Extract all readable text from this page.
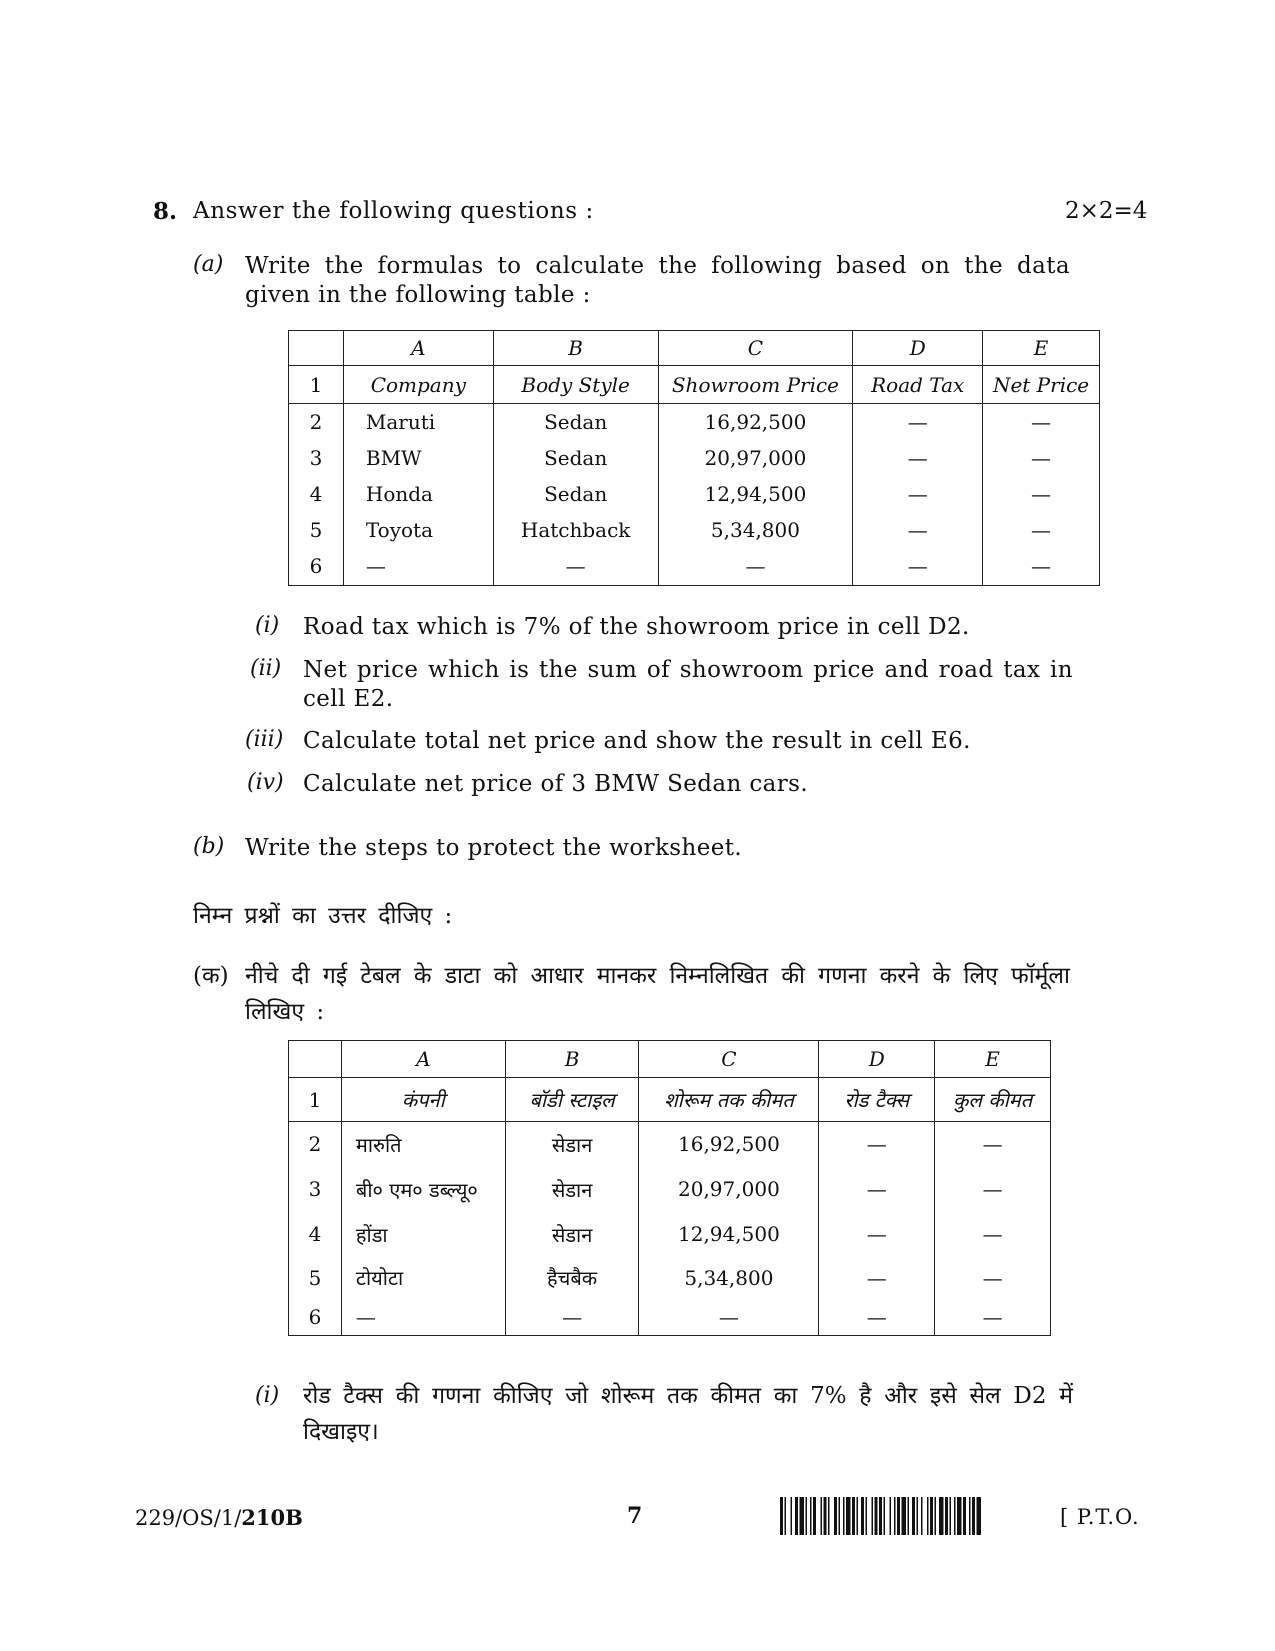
8. Answer the following questions :	2×2=4
(a) Write the formulas to calculate the following based on the data given in the following table :
	A	B	C	D	E
1	Company	Body Style	Showroom Price	Road Tax	Net Price
2	Maruti	Sedan	16,92,500	—	—
3	BMW	Sedan	20,97,000	—	—
4	Honda	Sedan	12,94,500	—	—
5	Toyota	Hatchback	5,34,800	—	—
6	—	—	—	—	—
(i) Road tax which is 7% of the showroom price in cell D2.
(ii) Net price which is the sum of showroom price and road tax in cell E2.
(iii) Calculate total net price and show the result in cell E6.
(iv) Calculate net price of 3 BMW Sedan cars.
(b) Write the steps to protect the worksheet.
निम्न प्रश्नों का उत्तर दीजिए :
(क) नीचे दी गई टेबल के डाटा को आधार मानकर निम्नलिखित की गणना करने के लिए फॉर्मूला लिखिए :
	A	B	C	D	E
1	कंपनी	बॉडी स्टाइल	शोरूम तक कीमत	रोड टैक्स	कुल कीमत
2	मारुति	सेडान	16,92,500	—	—
3	बी० एम० डब्ल्यू०	सेडान	20,97,000	—	—
4	होंडा	सेडान	12,94,500	—	—
5	टोयोटा	हैचबैक	5,34,800	—	—
6	—	—	—	—	—
(i) रोड टैक्स की गणना कीजिए जो शोरूम तक कीमत का 7% है और इसे सेल D2 में दिखाइए।
229/OS/1/210B	7	[ P.T.O.
